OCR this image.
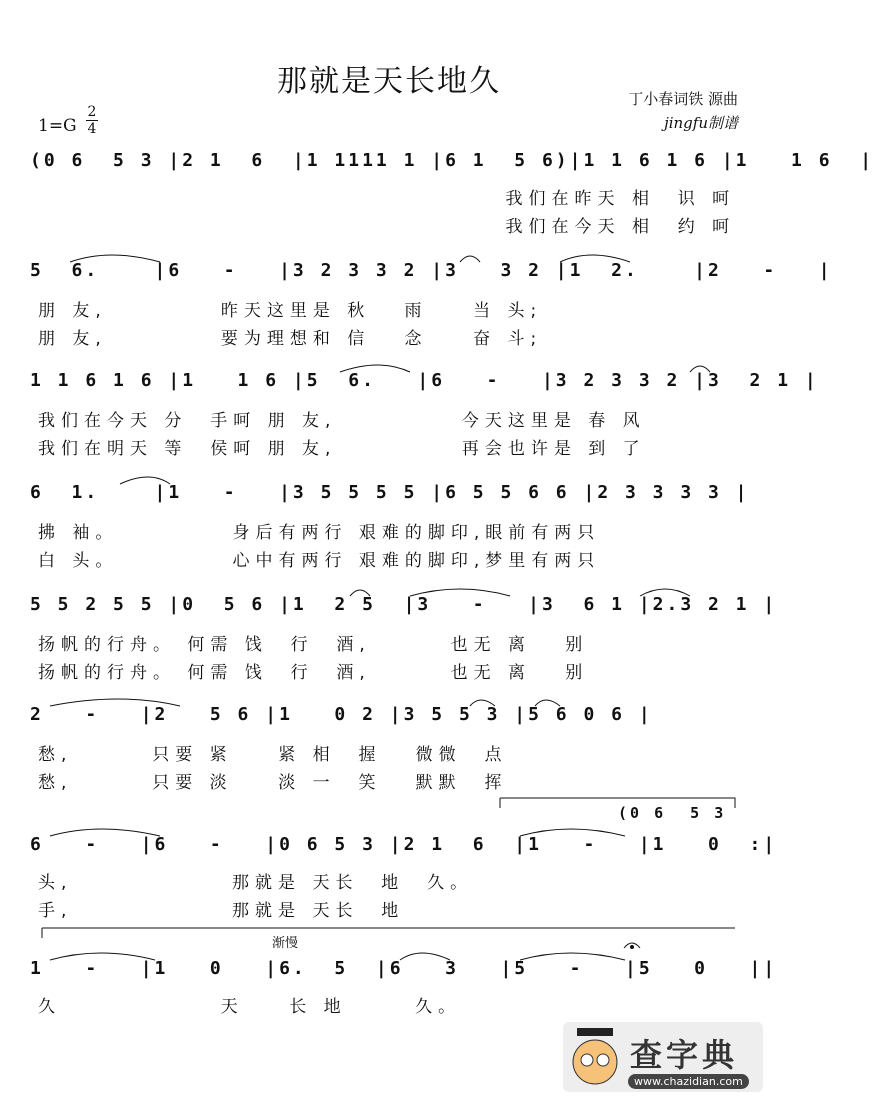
那就是天长地久	丁小春词铁 源曲
jingfu制谱
1=G
2
4
(0 6  5 3 |2 1  6  |1 1111 1 |6 1  5 6)|1 1 6 1 6 |1   1 6  |
我们在昨天 相  识 呵
我们在今天 相  约 呵
5  6.    |6   -   |3 2 3 3 2 |3   3 2 |1  2.    |2   -   |
朋 友,          昨天这里是 秋   雨    当 头;
朋 友,          要为理想和 信   念    奋 斗;
1 1 6 1 6 |1   1 6 |5  6.   |6   -   |3 2 3 3 2 |3  2 1 |
我们在今天 分  手呵 朋 友,           今天这里是 春 风
我们在明天 等  侯呵 朋 友,           再会也许是 到 了
6  1.    |1   -   |3 5 5 5 5 |6 5 5 6 6 |2 3 3 3 3 |
拂 袖。          身后有两行 艰难的脚印,眼前有两只
白 头。          心中有两行 艰难的脚印,梦里有两只
5 5 2 5 5 |0  5 6 |1  2 5  |3   -   |3  6 1 |2.3 2 1 |
扬帆的行舟。 何需 饯  行  酒,       也无 离   别
扬帆的行舟。 何需 饯  行  酒,       也无 离   别
2   -   |2   5 6 |1   0 2 |3 5 5 3 |5 6 0 6 |
愁,       只要 紧    紧 相  握   微微  点
愁,       只要 淡    淡 一  笑   默默  挥
(0 6  5 3
6   -   |6   -   |0 6 5 3 |2 1  6  |1   -   |1   0  :|
头,              那就是 天长  地  久。
手,              那就是 天长  地
渐慢
1   -   |1   0   |6.  5  |6   3   |5   -   |5   0   ||
久              天    长 地      久。
查字典
www.chazidian.com
